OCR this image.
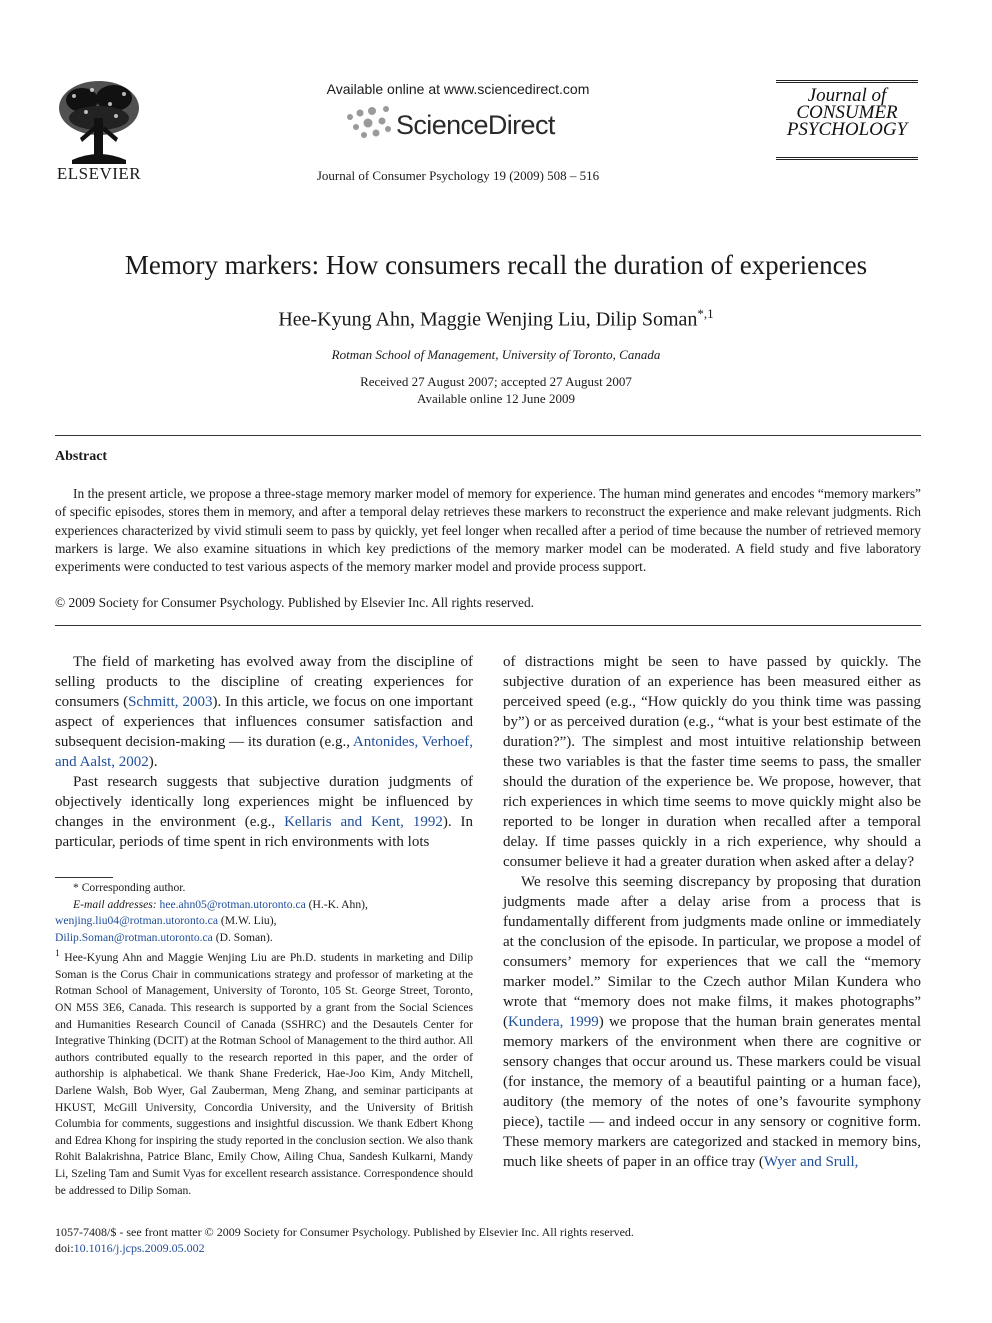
ELSEVIER
Available online at www.sciencedirect.com
ScienceDirect
Journal of Consumer Psychology 19 (2009) 508 – 516
Journal of
CONSUMER
PSYCHOLOGY
Memory markers: How consumers recall the duration of experiences
Hee-Kyung Ahn, Maggie Wenjing Liu, Dilip Soman$^{*,1}$
Rotman School of Management, University of Toronto, Canada
Received 27 August 2007; accepted 27 August 2007
Available online 12 June 2009
Abstract

In the present article, we propose a three-stage memory marker model of memory for experience. The human mind generates and encodes “memory markers” of specific episodes, stores them in memory, and after a temporal delay retrieves these markers to reconstruct the experience and make relevant judgments. Rich experiences characterized by vivid stimuli seem to pass by quickly, yet feel longer when recalled after a period of time because the number of retrieved memory markers is large. We also examine situations in which key predictions of the memory marker model can be moderated. A field study and five laboratory experiments were conducted to test various aspects of the memory marker model and provide process support.

© 2009 Society for Consumer Psychology. Published by Elsevier Inc. All rights reserved.

The field of marketing has evolved away from the discipline of selling products to the discipline of creating experiences for consumers (Schmitt, 2003). In this article, we focus on one important aspect of experiences that influences consumer satisfaction and subsequent decision-making — its duration (e.g., Antonides, Verhoef, and Aalst, 2002).

Past research suggests that subjective duration judgments of objectively identically long experiences might be influenced by changes in the environment (e.g., Kellaris and Kent, 1992). In particular, periods of time spent in rich environments with lots

* Corresponding author.

E-mail addresses: hee.ahn05@rotman.utoronto.ca (H.-K. Ahn),

wenjing.liu04@rotman.utoronto.ca (M.W. Liu),

Dilip.Soman@rotman.utoronto.ca (D. Soman).

$^1$ Hee-Kyung Ahn and Maggie Wenjing Liu are Ph.D. students in marketing and Dilip Soman is the Corus Chair in communications strategy and professor of marketing at the Rotman School of Management, University of Toronto, 105 St. George Street, Toronto, ON M5S 3E6, Canada. This research is supported by a grant from the Social Sciences and Humanities Research Council of Canada (SSHRC) and the Desautels Center for Integrative Thinking (DCIT) at the Rotman School of Management to the third author. All authors contributed equally to the research reported in this paper, and the order of authorship is alphabetical. We thank Shane Frederick, Hae-Joo Kim, Andy Mitchell, Darlene Walsh, Bob Wyer, Gal Zauberman, Meng Zhang, and seminar participants at HKUST, McGill University, Concordia University, and the University of British Columbia for comments, suggestions and insightful discussion. We thank Edbert Khong and Edrea Khong for inspiring the study reported in the conclusion section. We also thank Rohit Balakrishna, Patrice Blanc, Emily Chow, Ailing Chua, Sandesh Kulkarni, Mandy Li, Szeling Tam and Sumit Vyas for excellent research assistance. Correspondence should be addressed to Dilip Soman.

of distractions might be seen to have passed by quickly. The subjective duration of an experience has been measured either as perceived speed (e.g., “How quickly do you think time was passing by”) or as perceived duration (e.g., “what is your best estimate of the duration?”). The simplest and most intuitive relationship between these two variables is that the faster time seems to pass, the smaller should the duration of the experience be. We propose, however, that rich experiences in which time seems to move quickly might also be reported to be longer in duration when recalled after a temporal delay. If time passes quickly in a rich experience, why should a consumer believe it had a greater duration when asked after a delay?

We resolve this seeming discrepancy by proposing that duration judgments made after a delay arise from a process that is fundamentally different from judgments made online or immediately at the conclusion of the episode. In particular, we propose a model of consumers’ memory for experiences that we call the “memory marker model.” Similar to the Czech author Milan Kundera who wrote that “memory does not make films, it makes photographs” (Kundera, 1999) we propose that the human brain generates mental memory markers of the environment when there are cognitive or sensory changes that occur around us. These markers could be visual (for instance, the memory of a beautiful painting or a human face), auditory (the memory of the notes of one’s favourite symphony piece), tactile — and indeed occur in any sensory or cognitive form. These memory markers are categorized and stacked in memory bins, much like sheets of paper in an office tray (Wyer and Srull,

1057-7408/$ - see front matter © 2009 Society for Consumer Psychology. Published by Elsevier Inc. All rights reserved.
doi:10.1016/j.jcps.2009.05.002
